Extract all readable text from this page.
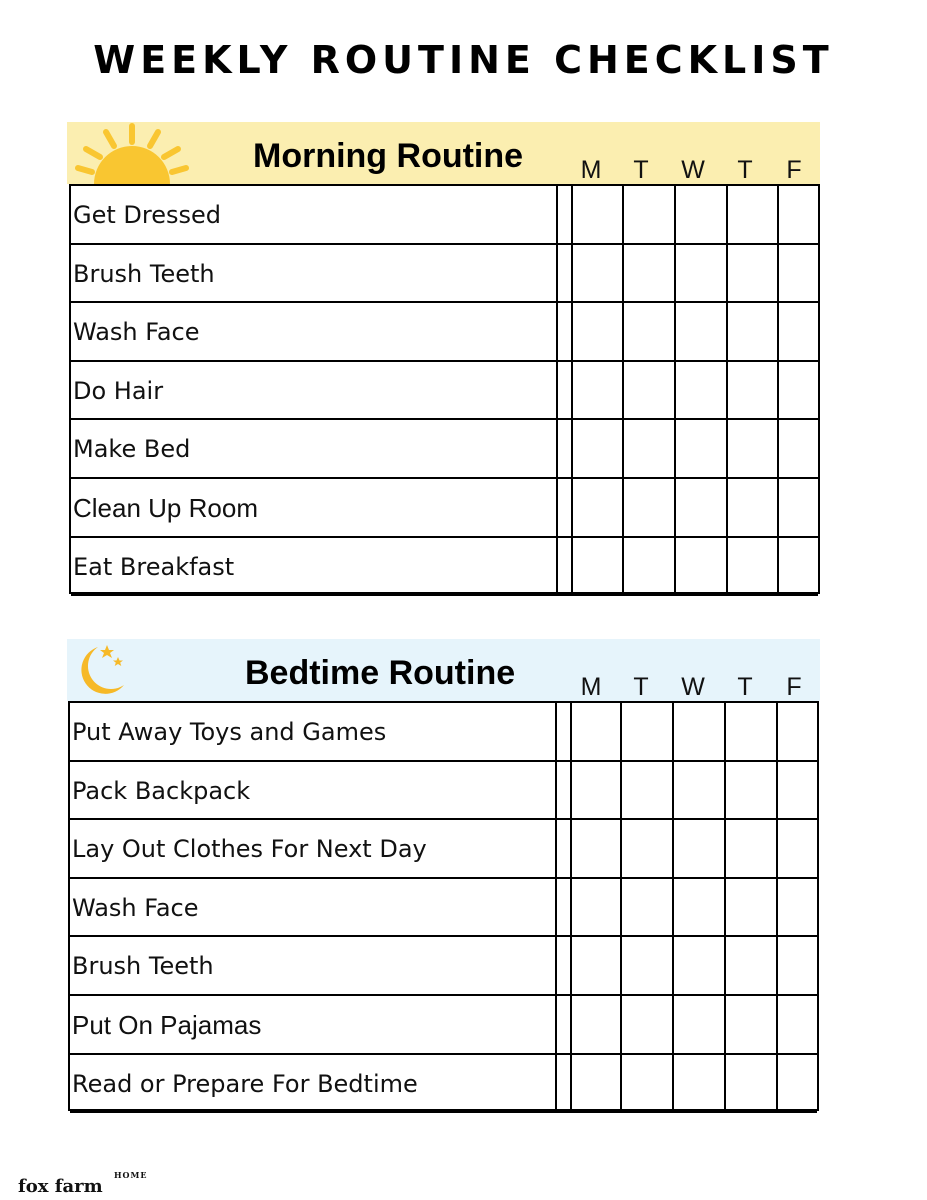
WEEKLY ROUTINE CHECKLIST
Morning Routine	M	T	W	T	F
Get Dressed
Brush Teeth
Wash Face
Do Hair
Make Bed
Clean Up Room
Eat Breakfast
Bedtime Routine	M	T	W	T	F
Put Away Toys and Games
Pack Backpack
Lay Out Clothes For Next Day
Wash Face
Brush Teeth
Put On Pajamas
Read or Prepare For Bedtime
fox farm
HOME
